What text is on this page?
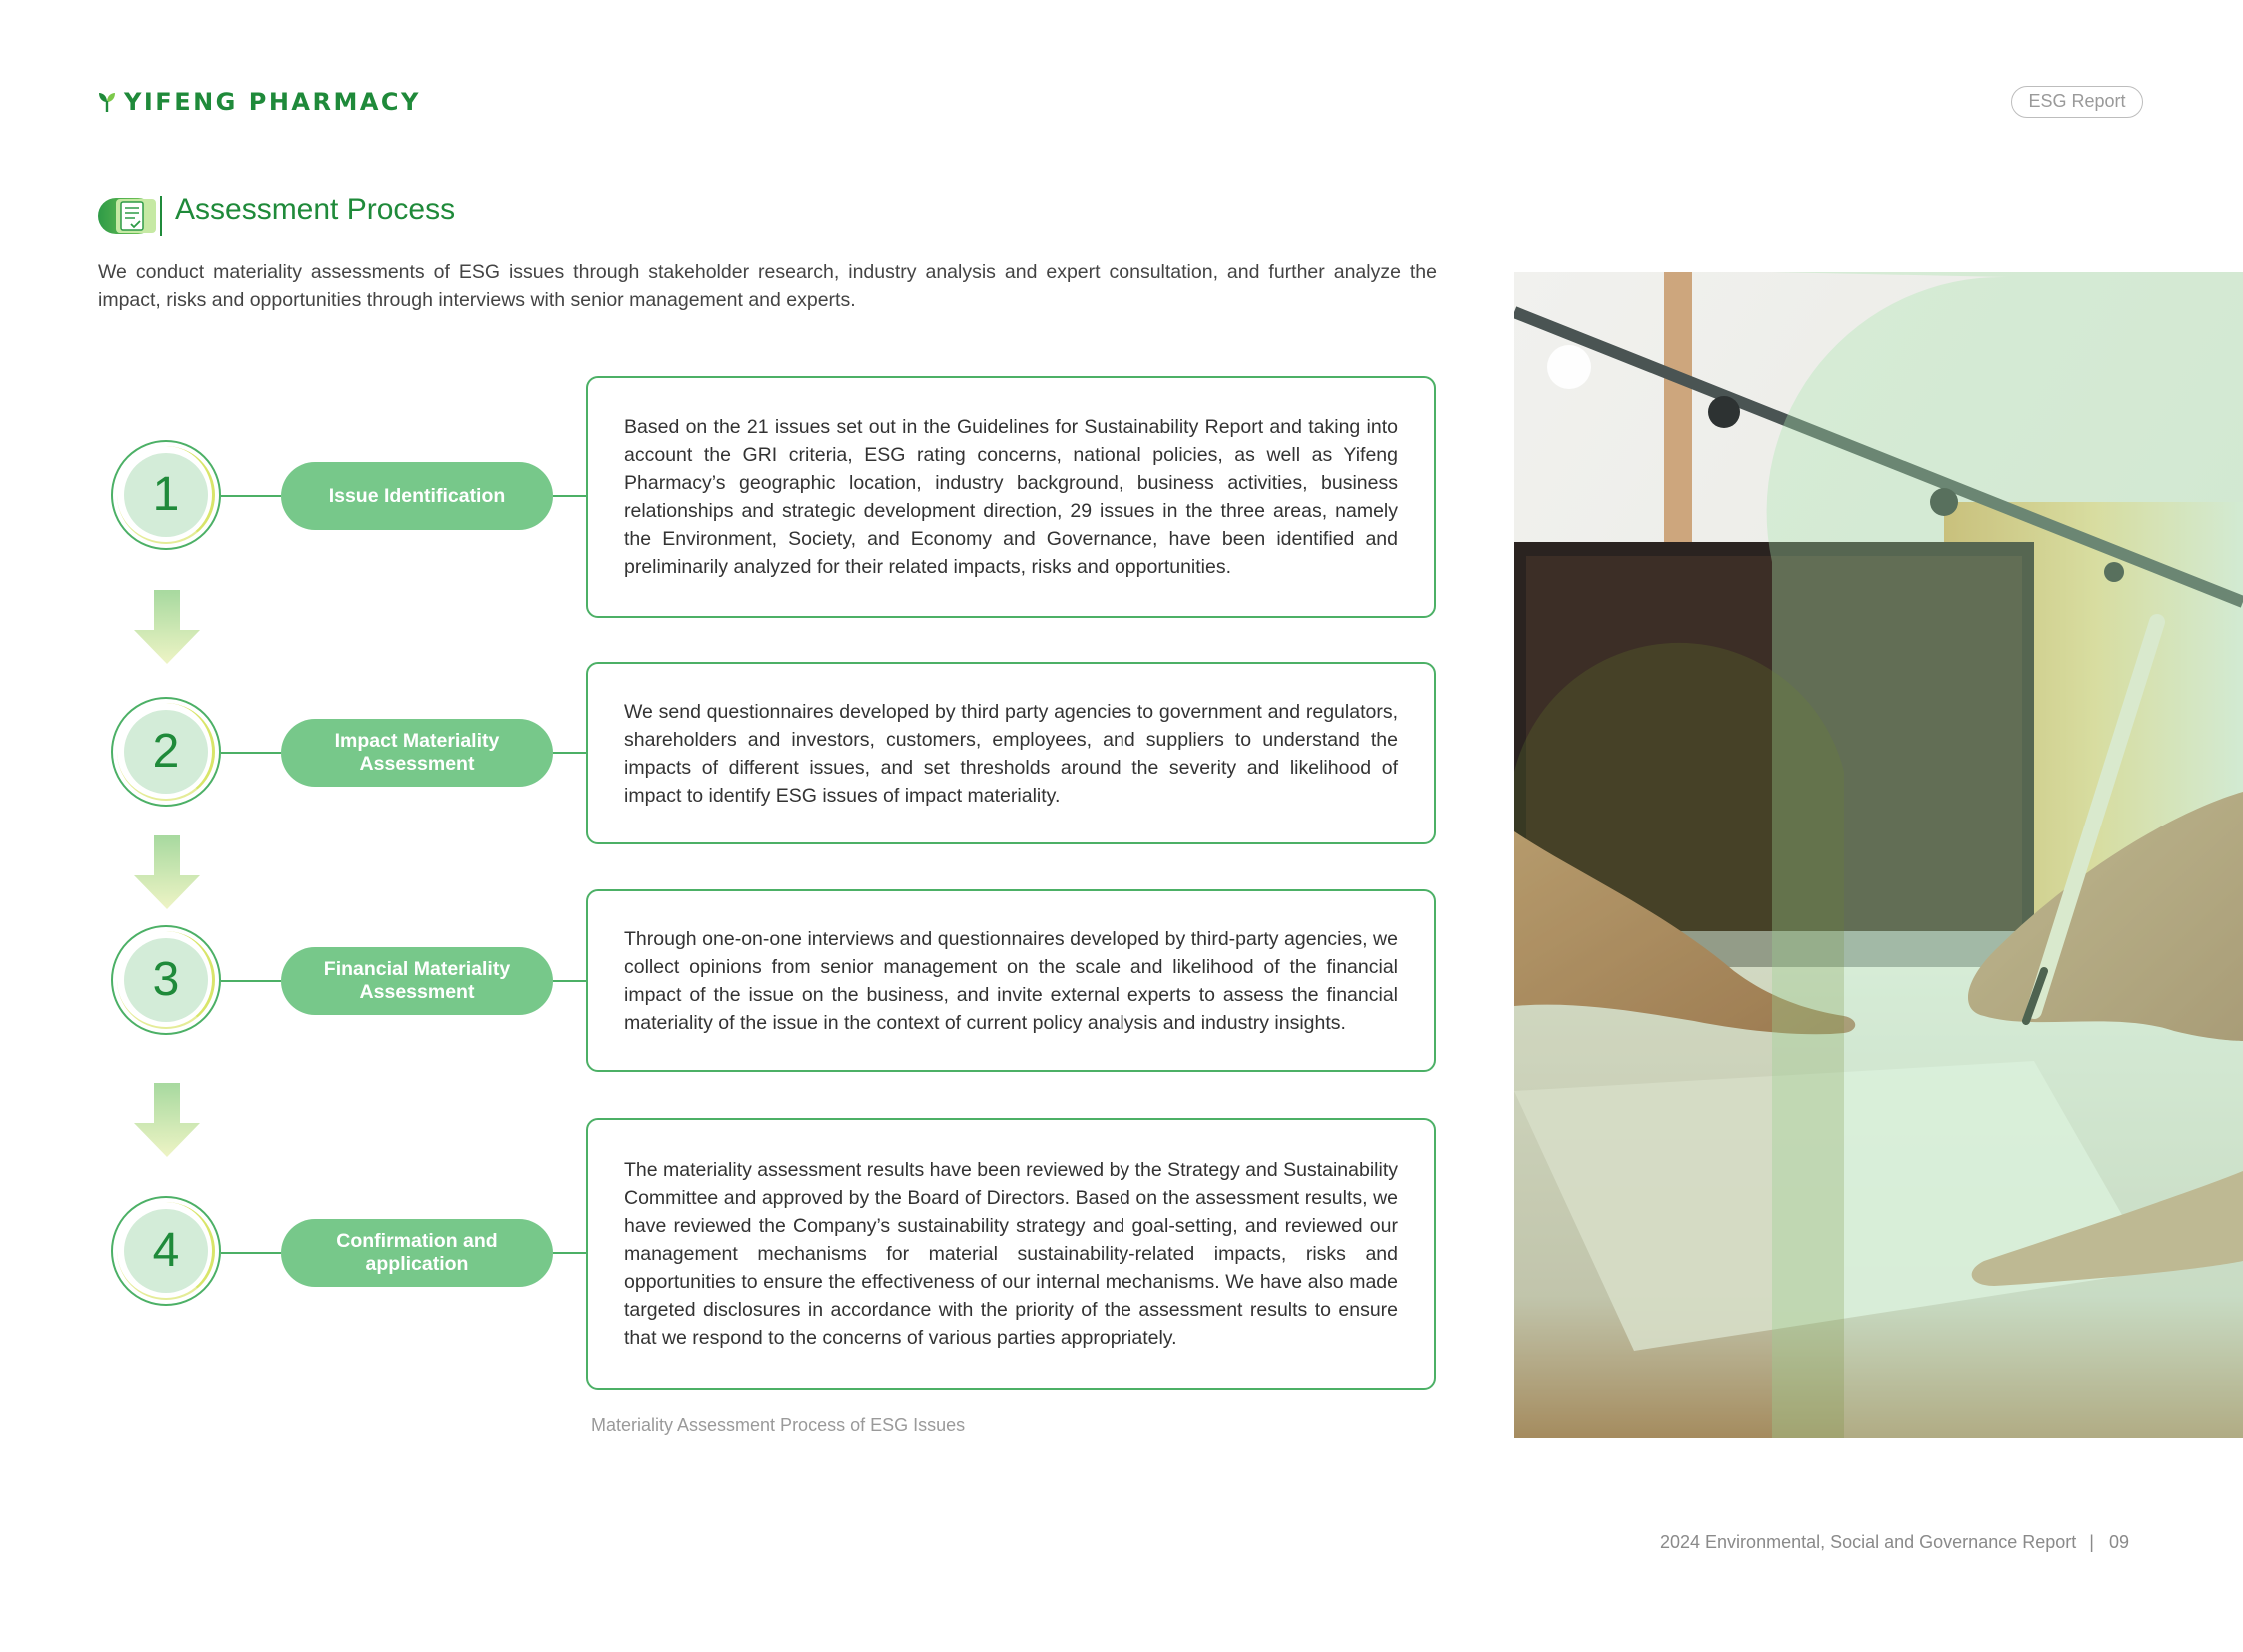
YIFENG PHARMACY	ESG Report
Assessment Process
We conduct materiality assessments of ESG issues through stakeholder research, industry analysis and expert consultation, and further analyze the impact, risks and opportunities through interviews with senior management and experts.
1	Issue Identification

Based on the 21 issues set out in the Guidelines for Sustainability Report and taking into account the GRI criteria, ESG rating concerns, national policies, as well as Yifeng Pharmacy’s geographic location, industry background, business activities, business relationships and strategic development direction, 29 issues in the three areas, namely the Environment, Society, and Economy and Governance, have been identified and preliminarily analyzed for their related impacts, risks and opportunities.

2	Impact Materiality Assessment

We send questionnaires developed by third party agencies to government and regulators, shareholders and investors, customers, employees, and suppliers to understand the impacts of different issues, and set thresholds around the severity and likelihood of impact to identify ESG issues of impact materiality.

3	Financial Materiality Assessment

Through one-on-one interviews and questionnaires developed by third-party agencies, we collect opinions from senior management on the scale and likelihood of the financial impact of the issue on the business, and invite external experts to assess the financial materiality of the issue in the context of current policy analysis and industry insights.

4	Confirmation and application

The materiality assessment results have been reviewed by the Strategy and Sustainability Committee and approved by the Board of Directors. Based on the assessment results, we have reviewed the Company’s sustainability strategy and goal-setting, and reviewed our management mechanisms for material sustainability-related impacts, risks and opportunities to ensure the effectiveness of our internal mechanisms. We have also made targeted disclosures in accordance with the priority of the assessment results to ensure that we respond to the concerns of various parties appropriately.

Materiality Assessment Process of ESG Issues
2024 Environmental, Social and Governance Report | 09
